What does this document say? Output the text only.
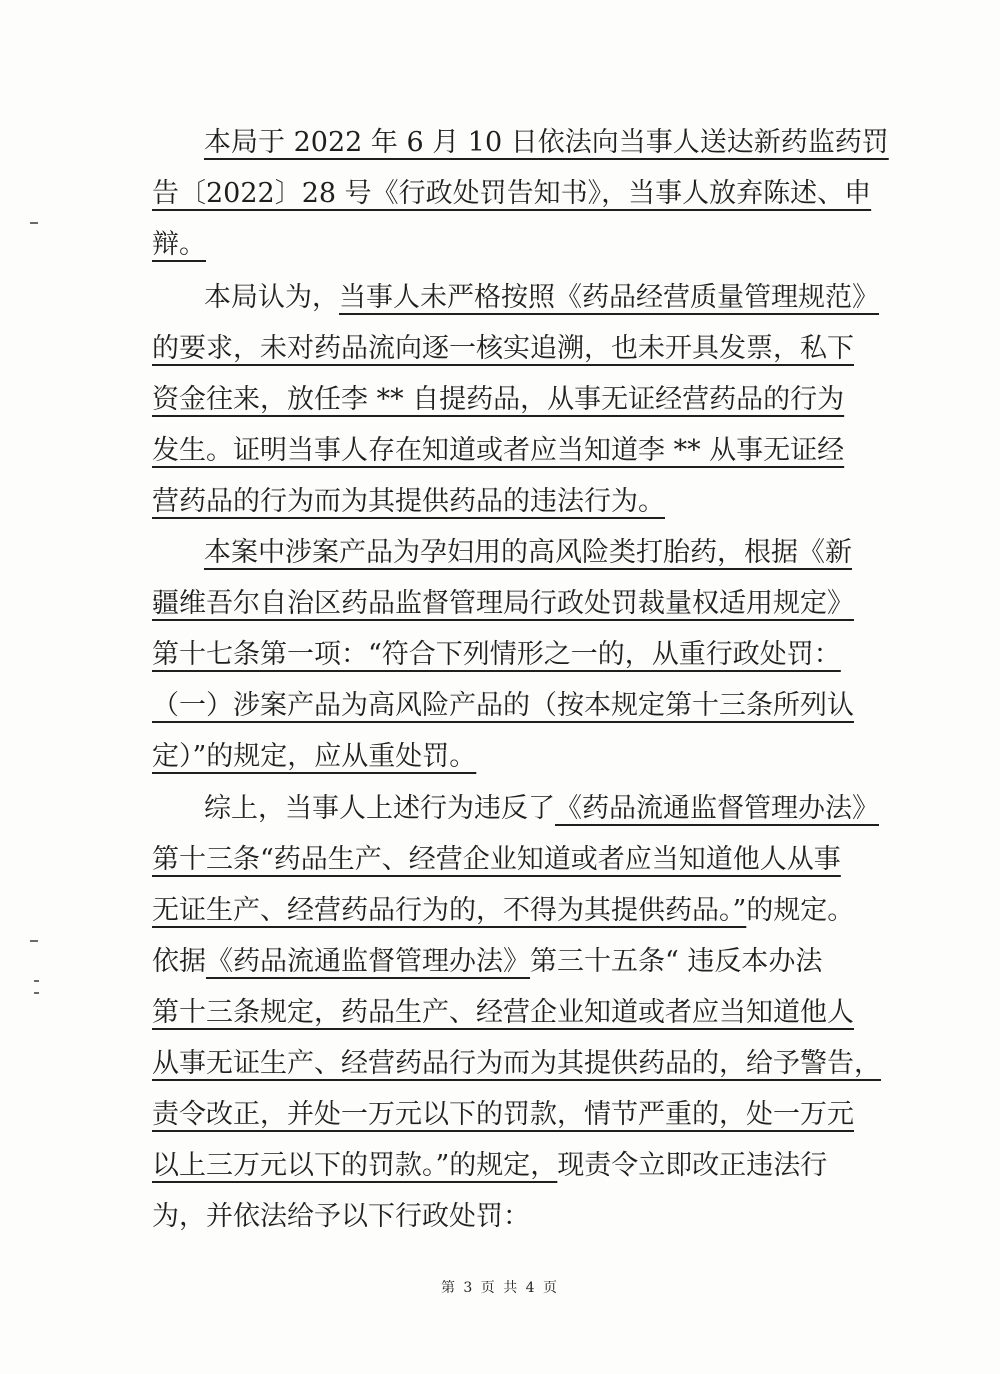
本局于 2022 年 6 月 10 日依法向当事人送达新药监药罚
告〔2022〕28 号《行政处罚告知书》，当事人放弃陈述、申
辩。
本局认为，当事人未严格按照《药品经营质量管理规范》
的要求，未对药品流向逐一核实追溯，也未开具发票，私下
资金往来，放任李 ** 自提药品，从事无证经营药品的行为
发生。证明当事人存在知道或者应当知道李 ** 从事无证经
营药品的行为而为其提供药品的违法行为。
本案中涉案产品为孕妇用的高风险类打胎药，根据《新
疆维吾尔自治区药品监督管理局行政处罚裁量权适用规定》
第十七条第一项：“符合下列情形之一的，从重行政处罚：
（一）涉案产品为高风险产品的（按本规定第十三条所列认
定）”的规定，应从重处罚。
综上，当事人上述行为违反了《药品流通监督管理办法》
第十三条“药品生产、经营企业知道或者应当知道他人从事
无证生产、经营药品行为的，不得为其提供药品。”的规定。
依据《药品流通监督管理办法》第三十五条“ 违反本办法
第十三条规定，药品生产、经营企业知道或者应当知道他人
从事无证生产、经营药品行为而为其提供药品的，给予警告，
责令改正，并处一万元以下的罚款，情节严重的，处一万元
以上三万元以下的罚款。”的规定，现责令立即改正违法行
为，并依法给予以下行政处罚：
第 3 页 共 4 页
